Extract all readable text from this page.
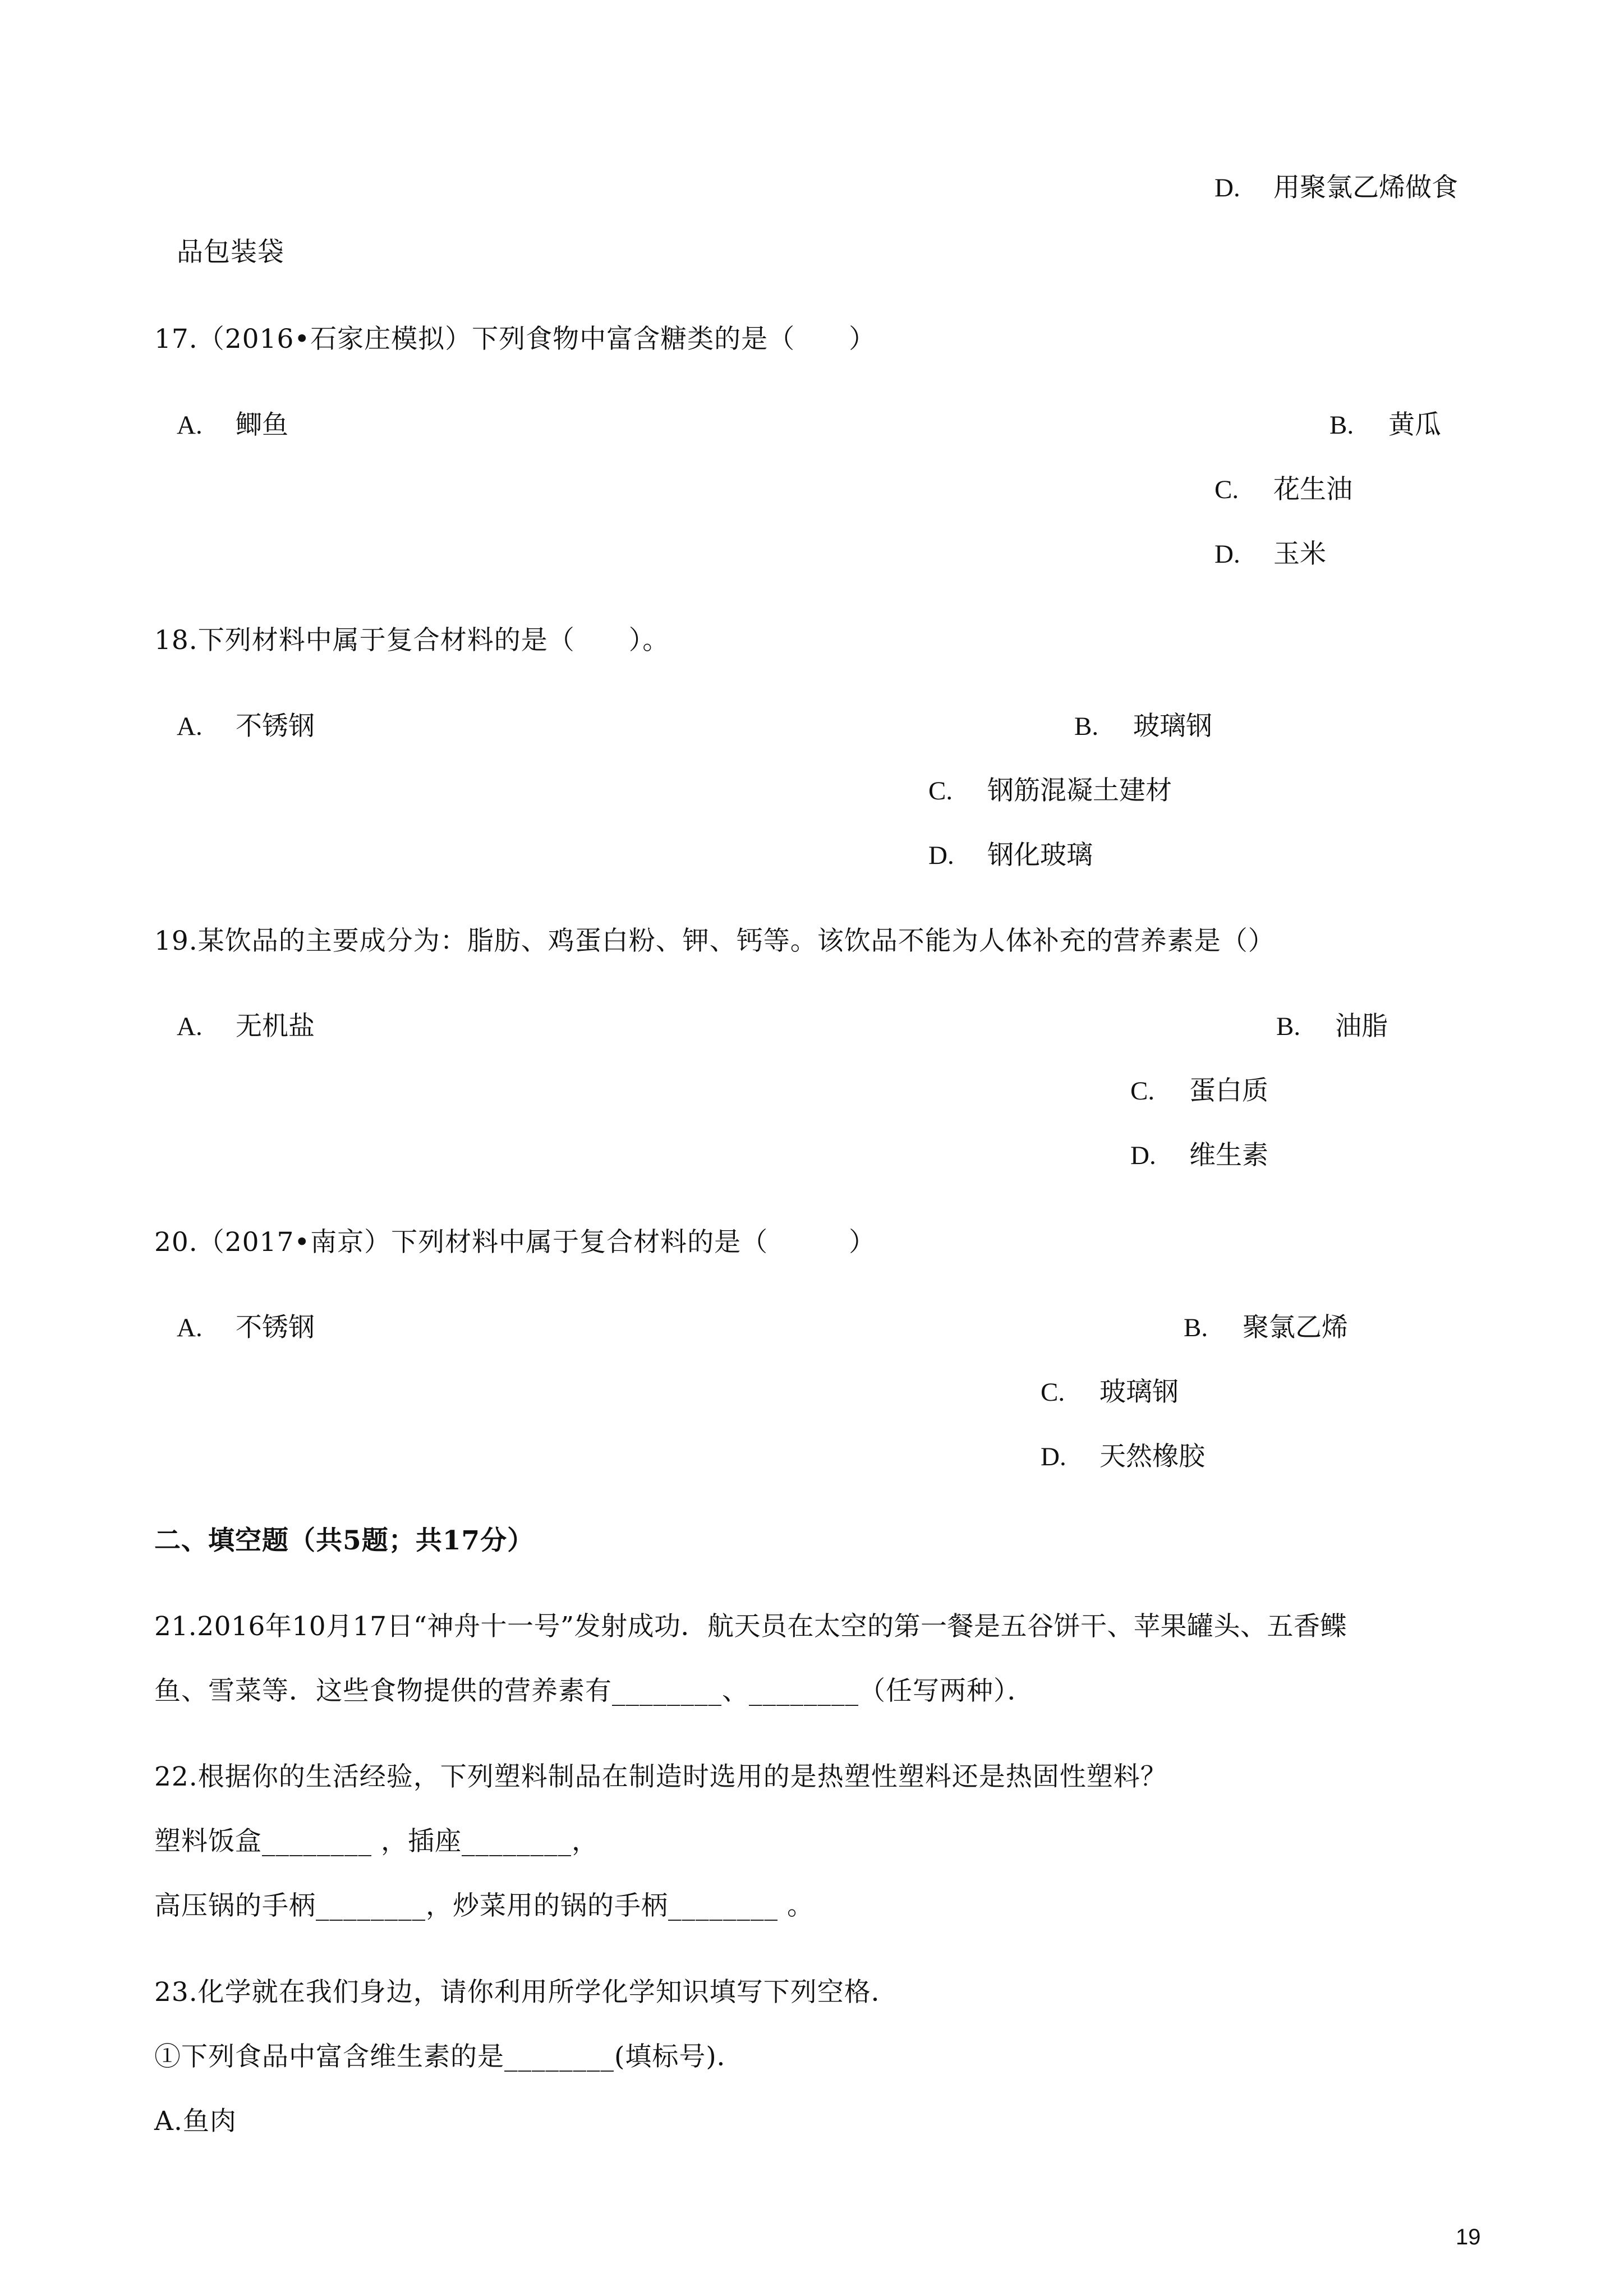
D. 用聚氯乙烯做食
品包装袋
17.（2016•石家庄模拟）下列食物中富含糖类的是（　　）
A. 鲫鱼	B. 黄瓜
C. 花生油
D. 玉米
18.下列材料中属于复合材料的是（　　）。
A. 不锈钢	B. 玻璃钢
C. 钢筋混凝土建材
D. 钢化玻璃
19.某饮品的主要成分为：脂肪、鸡蛋白粉、钾、钙等。该饮品不能为人体补充的营养素是（）
A. 无机盐	B. 油脂
C. 蛋白质
D. 维生素
20.（2017•南京）下列材料中属于复合材料的是（　　　）
A. 不锈钢	B. 聚氯乙烯
C. 玻璃钢
D. 天然橡胶
二、填空题（共5题；共17分）
21.2016年10月17日“神舟十一号”发射成功．航天员在太空的第一餐是五谷饼干、苹果罐头、五香鲽
鱼、雪菜等．这些食物提供的营养素有________、________（任写两种）．
22.根据你的生活经验，下列塑料制品在制造时选用的是热塑性塑料还是热固性塑料？
塑料饭盒________ ，插座________，
高压锅的手柄________，炒菜用的锅的手柄________ 。
23.化学就在我们身边，请你利用所学化学知识填写下列空格．
①下列食品中富含维生素的是________(填标号)．
A.鱼肉
19
